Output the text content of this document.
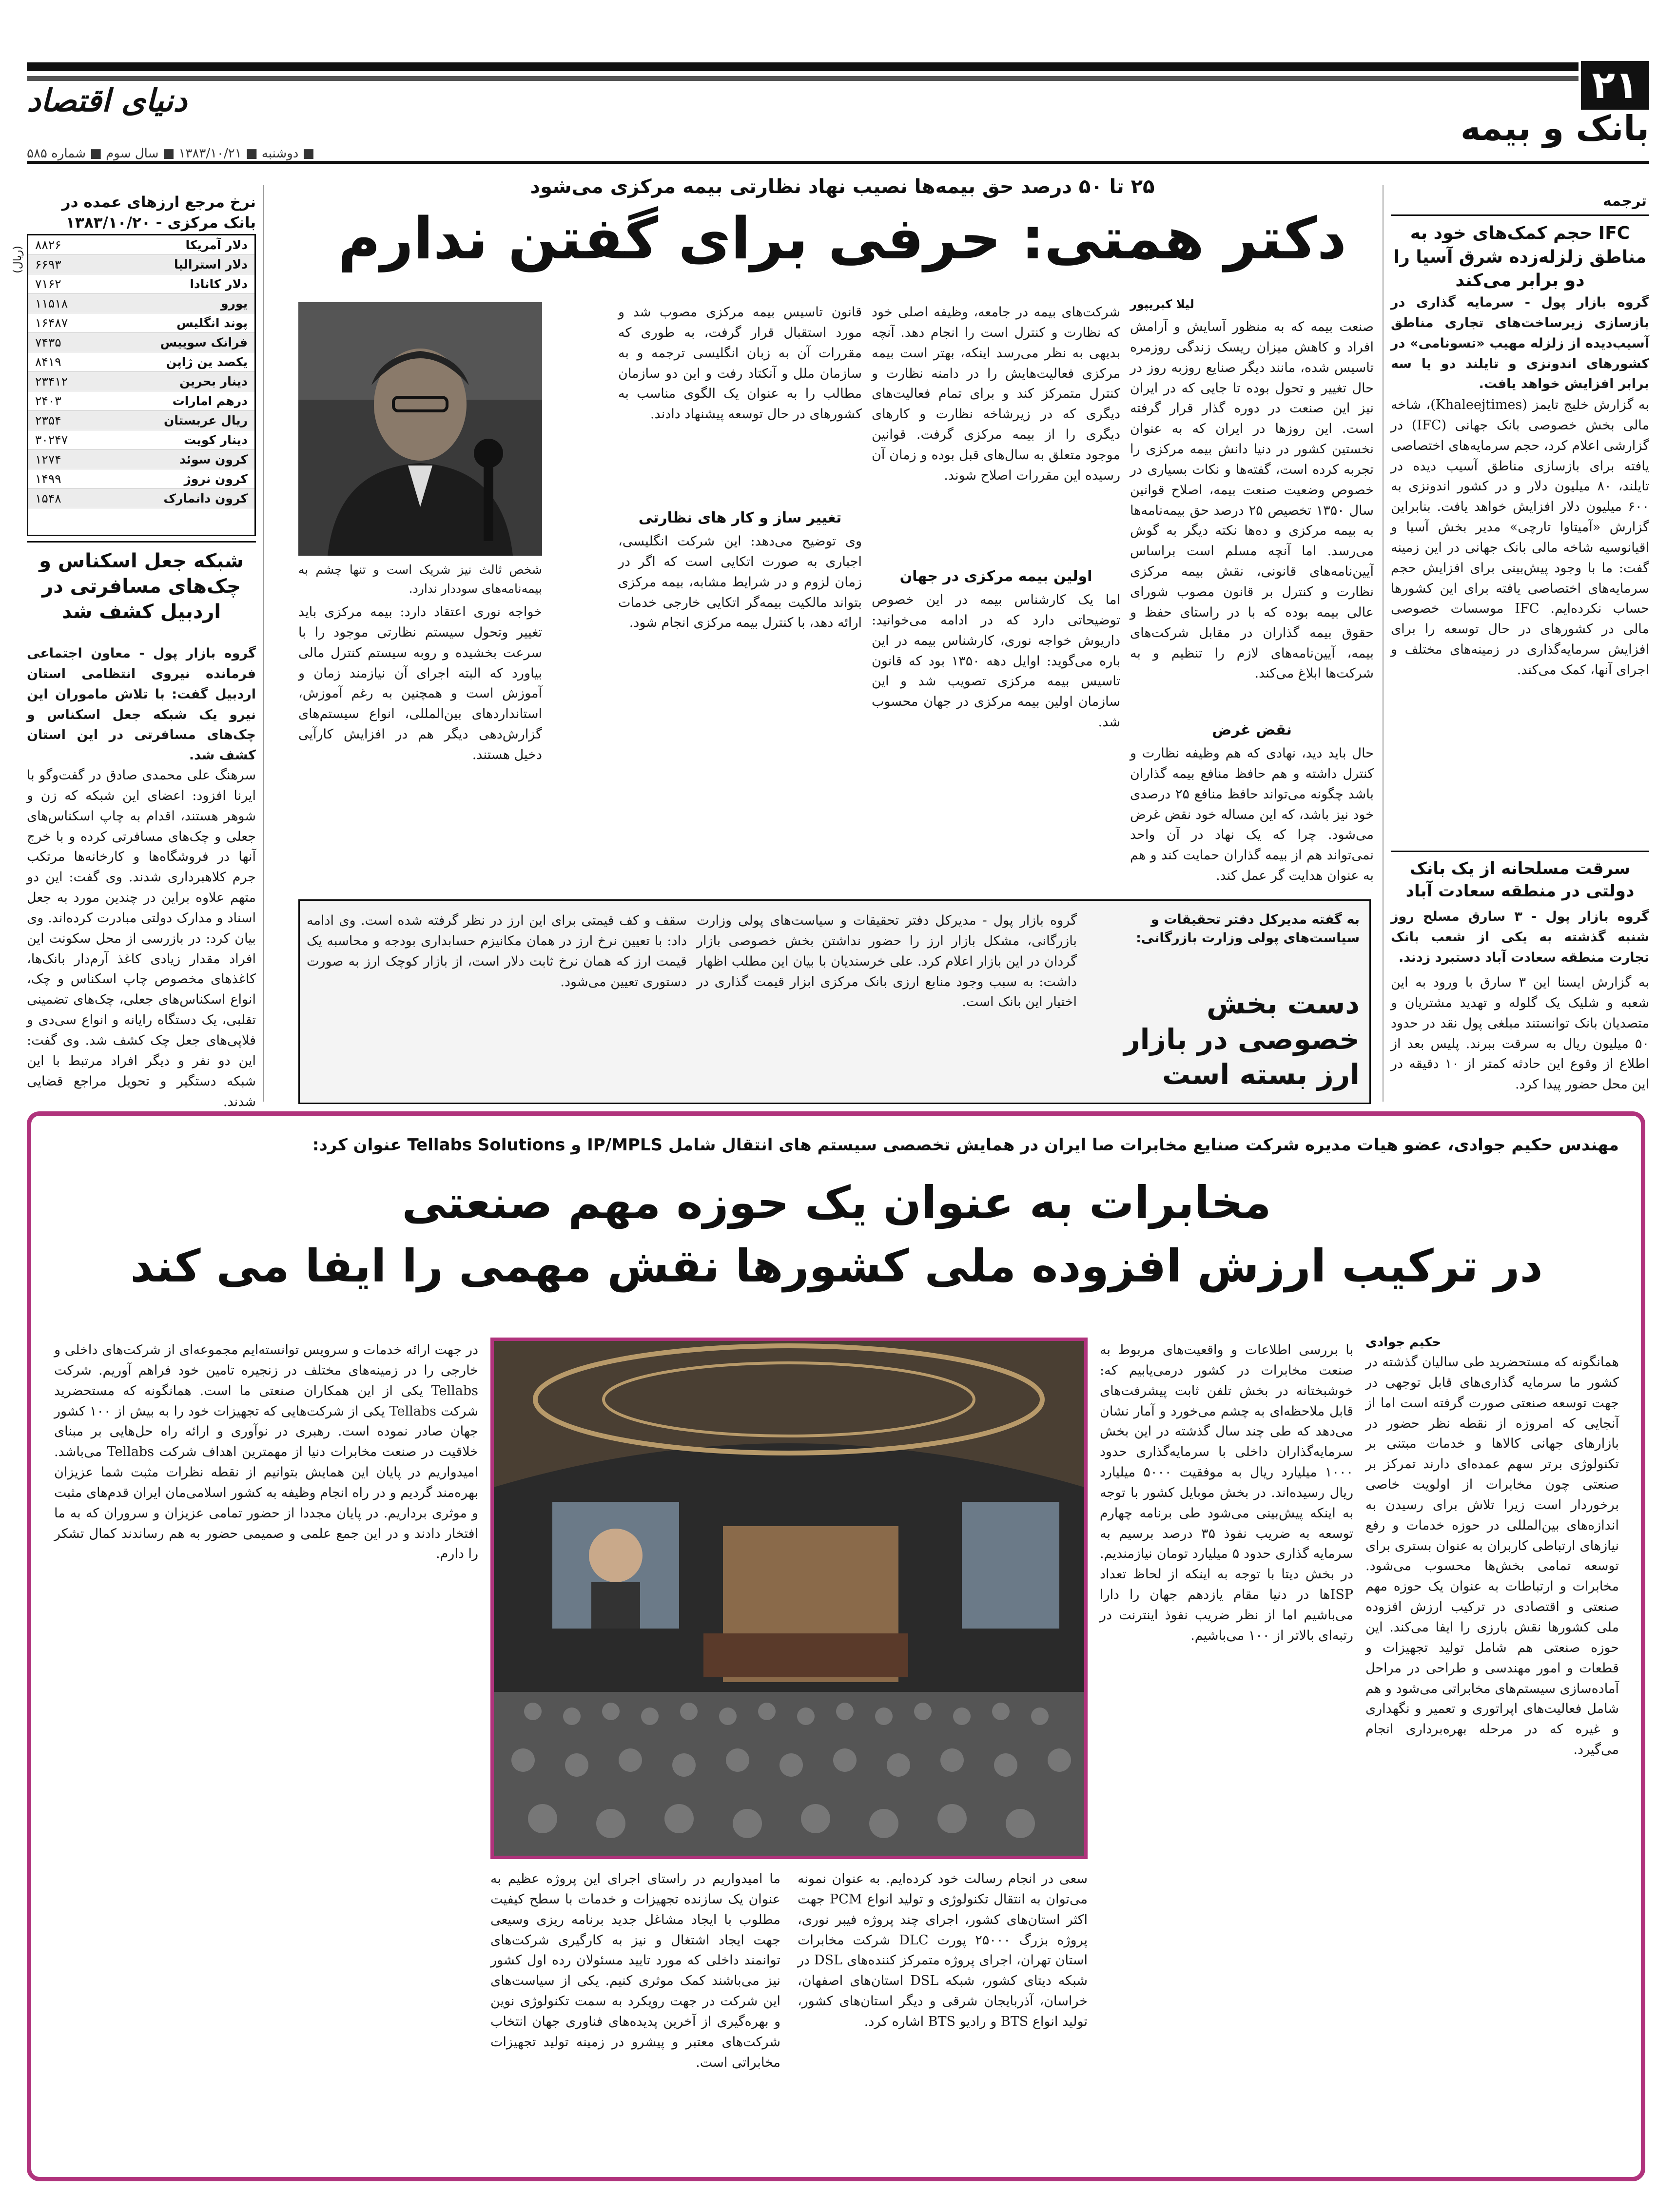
۲۱
بانک و بیمه
دنیای اقتصاد
■ دوشنبه ■ ۱۳۸۳/۱۰/۲۱ ■ سال سوم ■ شماره ۵۸۵
ترجمه
IFC حجم کمک‌های خود به مناطق زلزله‌زده شرق آسیا را دو برابر می‌کند
گروه بازار پول - سرمایه گذاری در بازسازی زیرساخت‌های تجاری مناطق آسیب‌دیده از زلزله مهیب «تسونامی» در کشورهای اندونزی و تایلند دو یا سه برابر افزایش خواهد یافت.
به گزارش خلیج تایمز (Khaleejtimes)، شاخه مالی بخش خصوصی بانک جهانی (IFC) در گزارشی اعلام کرد، حجم سرمایه‌های اختصاصی یافته برای بازسازی مناطق آسیب دیده در تایلند، ۸۰ میلیون دلار و در کشور اندونزی به ۶۰۰ میلیون دلار افزایش خواهد یافت. بنابراین گزارش «آمیتاوا تارچی» مدیر بخش آسیا و اقیانوسیه شاخه مالی بانک جهانی در این زمینه گفت: ما با وجود پیش‌بینی برای افزایش حجم سرمایه‌های اختصاصی یافته برای این کشورها حساب نکرده‌ایم. IFC موسسات خصوصی مالی در کشورهای در حال توسعه را برای افزایش سرمایه‌گذاری در زمینه‌های مختلف و اجرای آنها، کمک می‌کند.
سرقت مسلحانه از یک بانک دولتی در منطقه سعادت آباد
گروه بازار پول - ۳ سارق مسلح روز شنبه گذشته به یکی از شعب بانک تجارت منطقه سعادت آباد دستبرد زدند.
به گزارش ایسنا این ۳ سارق با ورود به این شعبه و شلیک یک گلوله و تهدید مشتریان و متصدیان بانک توانستند مبلغی پول نقد در حدود ۵۰ میلیون ریال به سرقت ببرند. پلیس بعد از اطلاع از وقوع این حادثه کمتر از ۱۰ دقیقه در این محل حضور پیدا کرد.
۲۵ تا ۵۰ درصد حق بیمه‌ها نصیب نهاد نظارتی بیمه مرکزی می‌شود
دکتر همتی: حرفی برای گفتن ندارم
لیلا کبریپور
صنعت بیمه که به منظور آسایش و آرامش افراد و کاهش میزان ریسک زندگی روزمره تاسیس شده، مانند دیگر صنایع روزبه روز در حال تغییر و تحول بوده تا جایی که در ایران نیز این صنعت در دوره گذار قرار گرفته است. این روزها در ایران که به عنوان نخستین کشور در دنیا دانش بیمه مرکزی را تجربه کرده است، گفته‌ها و نکات بسیاری در خصوص وضعیت صنعت بیمه، اصلاح قوانین سال ۱۳۵۰ تخصیص ۲۵ درصد حق بیمه‌نامه‌ها به بیمه مرکزی و ده‌ها نکته دیگر به گوش می‌رسد. اما آنچه مسلم است براساس آیین‌نامه‌های قانونی، نقش بیمه مرکزی نظارت و کنترل بر قانون مصوب شورای عالی بیمه بوده که با در راستای حفظ و حقوق بیمه گذاران در مقابل شرکت‌های بیمه، آیین‌نامه‌های لازم را تنظیم و به شرکت‌ها ابلاغ می‌کند.
نقض غرض
حال باید دید، نهادی که هم وظیفه نظارت و کنترل داشته و هم حافظ منافع بیمه گذاران باشد چگونه می‌تواند حافظ منافع ۲۵ درصدی خود نیز باشد، که این مساله خود نقض غرض می‌شود. چرا که یک نهاد در آن واحد نمی‌تواند هم از بیمه گذاران حمایت کند و هم به عنوان هدایت گر عمل کند.
شرکت‌های بیمه در جامعه، وظیفه اصلی خود که نظارت و کنترل است را انجام دهد. آنچه بدیهی به نظر می‌رسد اینکه، بهتر است بیمه مرکزی فعالیت‌هایش را در دامنه نظارت و کنترل متمرکز کند و برای تمام فعالیت‌های دیگری که در زیرشاخه نظارت و کارهای دیگری را از بیمه مرکزی گرفت. قوانین موجود متعلق به سال‌های قبل بوده و زمان آن رسیده این مقررات اصلاح شوند.
اولین بیمه مرکزی در جهان
اما یک کارشناس بیمه در این خصوص توضیحاتی دارد که در ادامه می‌خوانید: داریوش خواجه نوری، کارشناس بیمه در این باره می‌گوید: اوایل دهه ۱۳۵۰ بود که قانون تاسیس بیمه مرکزی تصویب شد و این سازمان اولین بیمه مرکزی در جهان محسوب شد.
قانون تاسیس بیمه مرکزی مصوب شد و مورد استقبال قرار گرفت، به طوری که مقررات آن به زبان انگلیسی ترجمه و به سازمان ملل و آنکتاد رفت و این دو سازمان مطالب را به عنوان یک الگوی مناسب به کشورهای در حال توسعه پیشنهاد دادند.
تغییر ساز و کار های نظارتی
وی توضیح می‌دهد: این شرکت انگلیسی، اجباری به صورت اتکایی است که اگر در زمان لزوم و در شرایط مشابه، بیمه مرکزی بتواند مالکیت بیمه‌گر اتکایی خارجی خدمات ارائه دهد، با کنترل بیمه مرکزی انجام شود.
شخص ثالث نیز شریک است و تنها چشم به بیمه‌نامه‌های سوددار ندارد.
خواجه نوری اعتقاد دارد: بیمه مرکزی باید تغییر وتحول سیستم نظارتی موجود را با سرعت بخشیده و روبه سیستم کنترل مالی بیاورد که البته اجرای آن نیازمند زمان و آموزش است و همچنین به رغم آموزش، استانداردهای بین‌المللی، انواع سیستم‌های گزارش‌دهی دیگر هم در افزایش کارآیی دخیل هستند.
به گفته مدیرکل دفتر تحقیقات و سیاست‌های پولی وزارت بازرگانی:
دست بخش خصوصی در بازار ارز بسته است
گروه بازار پول - مدیرکل دفتر تحقیقات و سیاست‌های پولی وزارت بازرگانی، مشکل بازار ارز را حضور نداشتن بخش خصوصی بازار گردان در این بازار اعلام کرد. علی خرسندیان با بیان این مطلب اظهار داشت: به سبب وجود منابع ارزی بانک مرکزی ابزار قیمت گذاری در اختیار این بانک است.
سقف و کف قیمتی برای این ارز در نظر گرفته شده است. وی ادامه داد: با تعیین نرخ ارز در همان مکانیزم حسابداری بودجه و محاسبه یک قیمت ارز که همان نرخ ثابت دلار است، از بازار کوچک ارز به صورت دستوری تعیین می‌شود.
نرخ مرجع ارزهای عمده در بانک مرکزی - ۱۳۸۳/۱۰/۲۰
دلار آمریکا
۸۸۲۶
دلار استرالیا
۶۶۹۳
دلار کانادا
۷۱۶۲
یورو
۱۱۵۱۸
پوند انگلیس
۱۶۴۸۷
فرانک سوییس
۷۴۳۵
یکصد ین ژاپن
۸۴۱۹
دینار بحرین
۲۳۴۱۲
درهم امارات
۲۴۰۳
ریال عربستان
۲۳۵۴
دینار کویت
۳۰۲۴۷
کرون سوئد
۱۲۷۴
کرون نروژ
۱۴۹۹
کرون دانمارک
۱۵۴۸
(ریال)
شبکه جعل اسکناس و چک‌های مسافرتی در اردبیل کشف شد
گروه بازار پول - معاون اجتماعی فرمانده نیروی انتظامی استان اردبیل گفت: با تلاش ماموران این نیرو یک شبکه جعل اسکناس و چک‌های مسافرتی در این استان کشف شد.
سرهنگ علی محمدی صادق در گفت‌وگو با ایرنا افزود: اعضای این شبکه که زن و شوهر هستند، اقدام به چاپ اسکناس‌های جعلی و چک‌های مسافرتی کرده و با خرج آنها در فروشگاه‌ها و کارخانه‌ها مرتکب جرم کلاهبرداری شدند. وی گفت: این دو متهم علاوه براین در چندین مورد به جعل اسناد و مدارک دولتی مبادرت کرده‌اند. وی بیان کرد: در بازرسی از محل سکونت این افراد مقدار زیادی کاغذ آرم‌دار بانک‌ها، کاغذهای مخصوص چاپ اسکناس و چک، انواع اسکناس‌های جعلی، چک‌های تضمینی تقلبی، یک دستگاه رایانه و انواع سی‌دی و فلاپی‌های جعل چک کشف شد. وی گفت: این دو نفر و دیگر افراد مرتبط با این شبکه دستگیر و تحویل مراجع قضایی شدند.
مهندس حکیم جوادی، عضو هیات مدیره شرکت صنایع مخابرات صا ایران در همایش تخصصی سیستم های انتقال شامل IP/MPLS و Tellabs Solutions عنوان کرد:
مخابرات به عنوان یک حوزه مهم صنعتی
در ترکیب ارزش افزوده ملی کشورها نقش مهمی را ایفا می کند
حکیم جوادی
همانگونه که مستحضرید طی سالیان گذشته در کشور ما سرمایه گذاری‌های قابل توجهی در جهت توسعه صنعتی صورت گرفته است اما از آنجایی که امروزه از نقطه نظر حضور در بازارهای جهانی کالاها و خدمات مبتنی بر تکنولوژی برتر سهم عمده‌ای دارند تمرکز بر صنعتی چون مخابرات از اولویت خاصی برخوردار است زیرا تلاش برای رسیدن به اندازه‌های بین‌المللی در حوزه خدمات و رفع نیازهای ارتباطی کاربران به عنوان بستری برای توسعه تمامی بخش‌ها محسوب می‌شود. مخابرات و ارتباطات به عنوان یک حوزه مهم صنعتی و اقتصادی در ترکیب ارزش افزوده ملی کشورها نقش بارزی را ایفا می‌کند. این حوزه صنعتی هم شامل تولید تجهیزات و قطعات و امور مهندسی و طراحی در مراحل آماده‌سازی سیستم‌های مخابراتی می‌شود و هم شامل فعالیت‌های اپراتوری و تعمیر و نگهداری و غیره که در مرحله بهره‌برداری انجام می‌گیرد.
با بررسی اطلاعات و واقعیت‌های مربوط به صنعت مخابرات در کشور درمی‌یابیم که: خوشبختانه در بخش تلفن ثابت پیشرفت‌های قابل ملاحظه‌ای به چشم می‌خورد و آمار نشان می‌دهد که طی چند سال گذشته در این بخش سرمایه‌گذاران داخلی با سرمایه‌گذاری حدود ۱۰۰۰ میلیارد ریال به موفقیت ۵۰۰۰ میلیارد ریال رسیده‌اند. در بخش موبایل کشور با توجه به اینکه پیش‌بینی می‌شود طی برنامه چهارم توسعه به ضریب نفوذ ۳۵ درصد برسیم به سرمایه گذاری حدود ۵ میلیارد تومان نیازمندیم. در بخش دیتا با توجه به اینکه از لحاظ تعداد ISPها در دنیا مقام یازدهم جهان را دارا می‌باشیم اما از نظر ضریب نفوذ اینترنت در رتبه‌ای بالاتر از ۱۰۰ می‌باشیم.
سعی در انجام رسالت خود کرده‌ایم. به عنوان نمونه می‌توان به انتقال تکنولوژی و تولید انواع PCM جهت اکثر استان‌های کشور، اجرای چند پروژه فیبر نوری، پروژه بزرگ ۲۵۰۰۰ پورت DLC شرکت مخابرات استان تهران، اجرای پروژه متمرکز کننده‌های DSL در شبکه دیتای کشور، شبکه DSL استان‌های اصفهان، خراسان، آذربایجان شرقی و دیگر استان‌های کشور، تولید انواع BTS و رادیو BTS اشاره کرد.
ما امیدواریم در راستای اجرای این پروژه عظیم به عنوان یک سازنده تجهیزات و خدمات با سطح کیفیت مطلوب با ایجاد مشاغل جدید برنامه ریزی وسیعی جهت ایجاد اشتغال و نیز به کارگیری شرکت‌های توانمند داخلی که مورد تایید مسئولان رده اول کشور نیز می‌باشند کمک موثری کنیم. یکی از سیاست‌های این شرکت در جهت رویکرد به سمت تکنولوژی نوین و بهره‌گیری از آخرین پدیده‌های فناوری جهان انتخاب شرکت‌های معتبر و پیشرو در زمینه تولید تجهیزات مخابراتی است.
در جهت ارائه خدمات و سرویس توانسته‌ایم مجموعه‌ای از شرکت‌های داخلی و خارجی را در زمینه‌های مختلف در زنجیره تامین خود فراهم آوریم. شرکت Tellabs یکی از این همکاران صنعتی ما است. همانگونه که مستحضرید شرکت Tellabs یکی از شرکت‌هایی که تجهیزات خود را به بیش از ۱۰۰ کشور جهان صادر نموده است. رهبری در نوآوری و ارائه راه حل‌هایی بر مبنای خلاقیت در صنعت مخابرات دنیا از مهمترین اهداف شرکت Tellabs می‌باشد. امیدواریم در پایان این همایش بتوانیم از نقطه نظرات مثبت شما عزیزان بهره‌مند گردیم و در راه انجام وظیفه به کشور اسلامی‌مان ایران قدم‌های مثبت و موثری برداریم. در پایان مجددا از حضور تمامی عزیزان و سروران که به ما افتخار دادند و در این جمع علمی و صمیمی حضور به هم رساندند کمال تشکر را دارم.
